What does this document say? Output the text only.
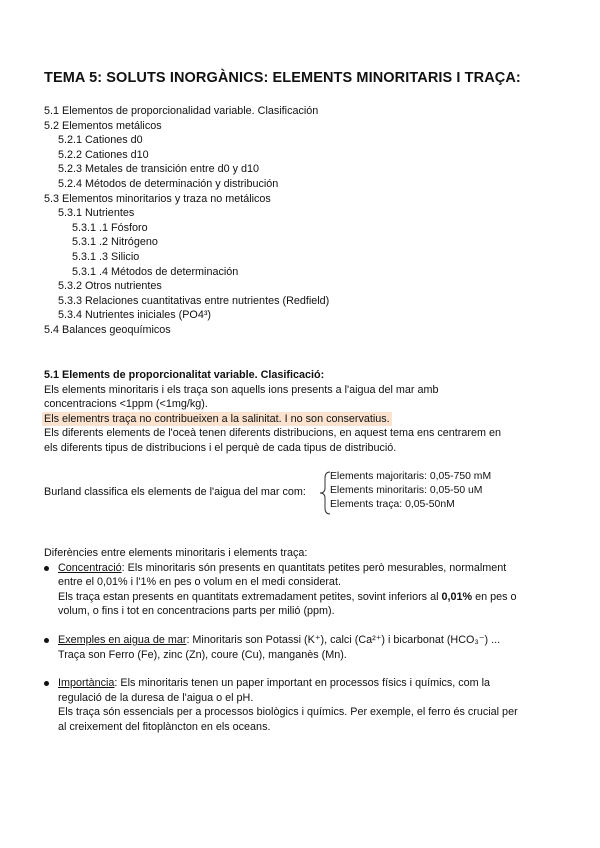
TEMA 5: SOLUTS INORGÀNICS: ELEMENTS MINORITARIS I TRAÇA:
5.1 Elementos de proporcionalidad variable. Clasificación
5.2 Elementos metálicos
5.2.1 Cationes d0
5.2.2 Cationes d10
5.2.3 Metales de transición entre d0 y d10
5.2.4 Métodos de determinación y distribución
5.3 Elementos minoritarios y traza no metálicos
5.3.1 Nutrientes
5.3.1 .1 Fósforo
5.3.1 .2 Nitrógeno
5.3.1 .3 Silicio
5.3.1 .4 Métodos de determinación
5.3.2 Otros nutrientes
5.3.3 Relaciones cuantitativas entre nutrientes (Redfield)
5.3.4 Nutrientes iniciales (PO4³)
5.4 Balances geoquímicos

5.1 Elements de proporcionalitat variable. Clasificació:

Els elements minoritaris i els traça son aquells ions presents a l'aigua del mar amb concentracions <1ppm (<1mg/kg).

Els elementrs traça no contribueixen a la salinitat. I no son conservatius.

Els diferents elements de l'oceà tenen diferents distribucions, en aquest tema ens centrarem en els diferents tipus de distribucions i el perquè de cada tipus de distribució.

Burland classifica els elements de l'aigua del mar com:
Elements majoritaris: 0,05-750 mM
Elements minoritaris: 0,05-50 uM
Elements traça: 0,05-50nM

Diferències entre elements minoritaris i elements traça:

Concentració: Els minoritaris són presents en quantitats petites però mesurables, normalment entre el 0,01% i l'1% en pes o volum en el medi considerat.

Els traça estan presents en quantitats extremadament petites, sovint inferiors al 0,01% en pes o volum, o fins i tot en concentracions parts per milió (ppm).

Exemples en aigua de mar: Minoritaris son Potassi (K⁺), calci (Ca²⁺) i bicarbonat (HCO₃⁻) ...

Traça son Ferro (Fe), zinc (Zn), coure (Cu), manganès (Mn).

Importància: Els minoritaris tenen un paper important en processos físics i químics, com la regulació de la duresa de l'aigua o el pH.

Els traça són essencials per a processos biològics i químics. Per exemple, el ferro és crucial per al creixement del fitoplàncton en els oceans.
